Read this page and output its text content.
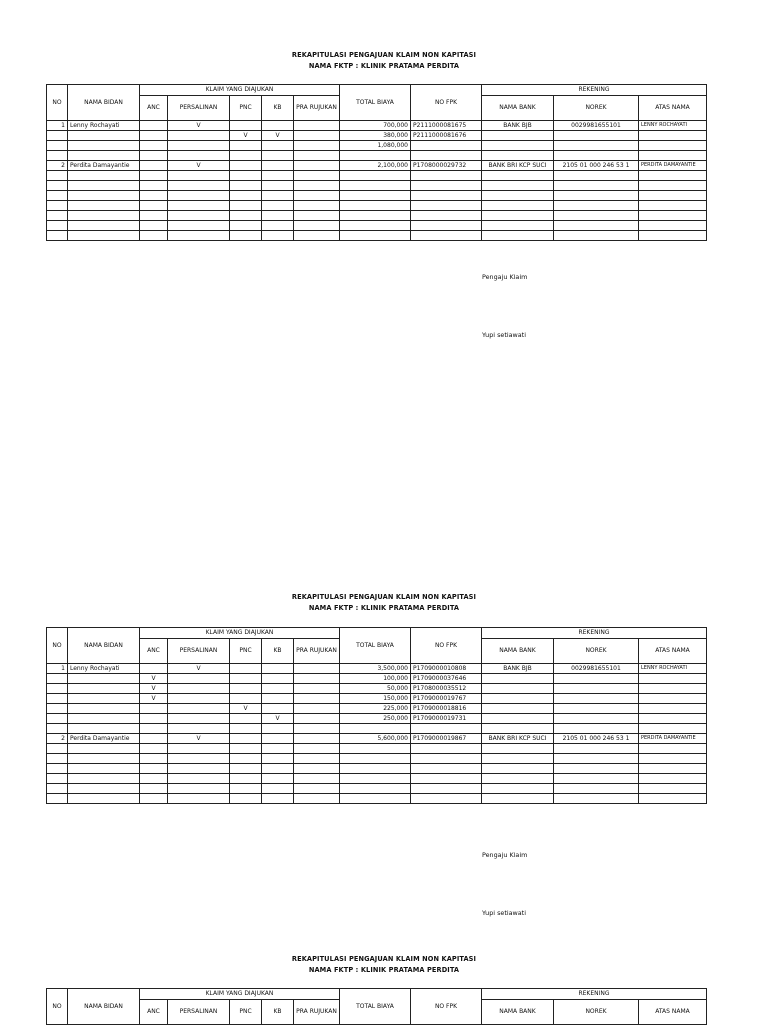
REKAPITULASI PENGAJUAN KLAIM NON KAPITASI
NAMA FKTP : KLINIK PRATAMA PERDITA
NO	NAMA BIDAN	KLAIM YANG DIAJUKAN					TOTAL BIAYA	NO FPK	REKENING		
		ANC	PERSALINAN	PNC	KB	PRA RUJUKAN			NAMA BANK	NOREK	ATAS NAMA
1	Lenny Rochayati		V				700,000	P2111000081675	BANK BJB	0029981655101	LENNY ROCHAYATI
				V	V		380,000	P2111000081676			
							1,080,000				

2	Perdita Damayantie		V				2,100,000	P1708000029732	BANK BRI KCP SUCI	2105 01 000 246 53 1	PERDITA DAMAYANTIE

Pengaju Klaim
Yupi setiawati
REKAPITULASI PENGAJUAN KLAIM NON KAPITASI
NAMA FKTP : KLINIK PRATAMA PERDITA
NO	NAMA BIDAN	KLAIM YANG DIAJUKAN					TOTAL BIAYA	NO FPK	REKENING		
		ANC	PERSALINAN	PNC	KB	PRA RUJUKAN			NAMA BANK	NOREK	ATAS NAMA
1	Lenny Rochayati		V				3,500,000	P1709000010808	BANK BJB	0029981655101	LENNY ROCHAYATI
		V					100,000	P1709000037646			
		V					50,000	P1708000035512			
		V					150,000	P1709000019767			
				V			225,000	P1709000018816			
					V		250,000	P1709000019731			

2	Perdita Damayantie		V				5,600,000	P1709000019867	BANK BRI KCP SUCI	2105 01 000 246 53 1	PERDITA DAMAYANTIE

Pengaju Klaim
Yupi setiawati
REKAPITULASI PENGAJUAN KLAIM NON KAPITASI
NAMA FKTP : KLINIK PRATAMA PERDITA
NO	NAMA BIDAN	KLAIM YANG DIAJUKAN					TOTAL BIAYA	NO FPK	REKENING		
		ANC	PERSALINAN	PNC	KB	PRA RUJUKAN			NAMA BANK	NOREK	ATAS NAMA
